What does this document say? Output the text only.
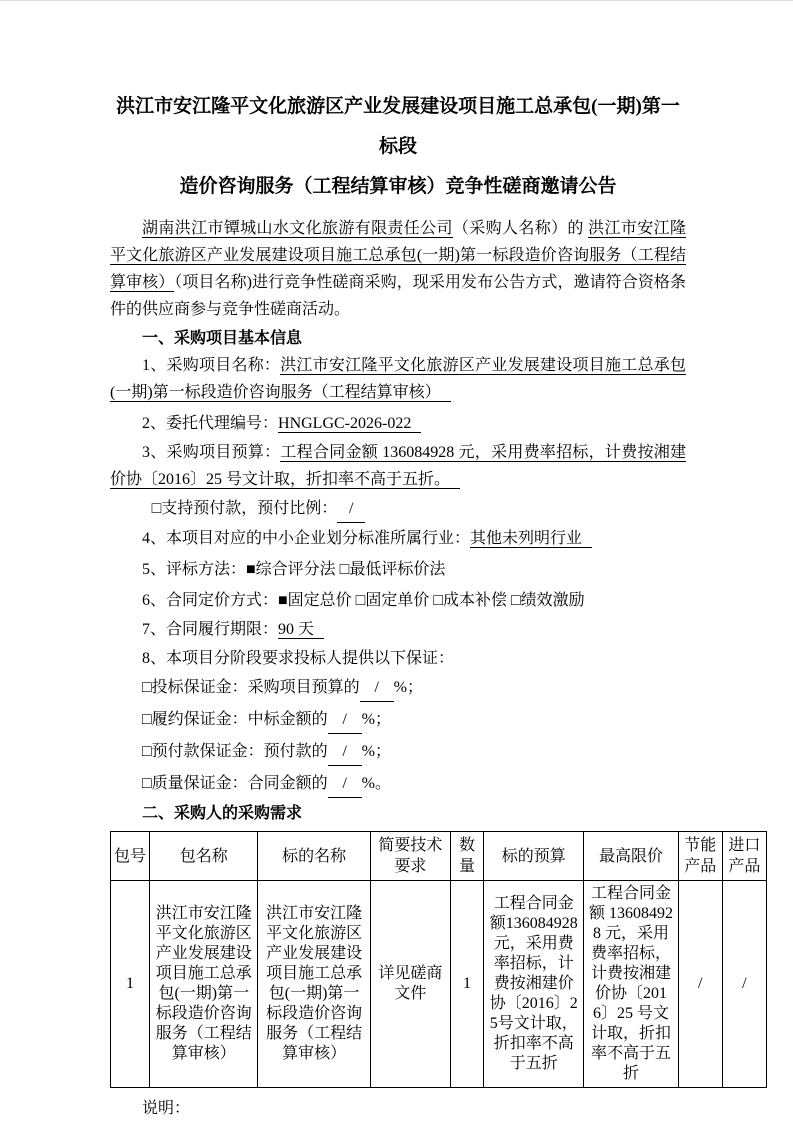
洪江市安江隆平文化旅游区产业发展建设项目施工总承包(一期)第一标段
造价咨询服务（工程结算审核）竞争性磋商邀请公告

湖南洪江市镡城山水文化旅游有限责任公司（采购人名称）的 洪江市安江隆平文化旅游区产业发展建设项目施工总承包(一期)第一标段造价咨询服务（工程结算审核）（项目名称)进行竞争性磋商采购，现采用发布公告方式，邀请符合资格条件的供应商参与竞争性磋商活动。

一、采购项目基本信息

1、采购项目名称：洪江市安江隆平文化旅游区产业发展建设项目施工总承包(一期)第一标段造价咨询服务（工程结算审核）

2、委托代理编号：HNGLGC-2026-022

3、采购项目预算：工程合同金额 136084928 元，采用费率招标，计费按湘建价协〔2016〕25 号文计取，折扣率不高于五折。

□支持预付款，预付比例： /

4、本项目对应的中小企业划分标准所属行业：其他未列明行业

5、评标方法：■综合评分法 □最低评标价法

6、合同定价方式：■固定总价 □固定单价 □成本补偿 □绩效激励

7、合同履行期限：90 天

8、本项目分阶段要求投标人提供以下保证：

□投标保证金：采购项目预算的 / %；

□履约保证金：中标金额的 / %；

□预付款保证金：预付款的 / %；

□质量保证金：合同金额的 / %。

二、采购人的采购需求

包号	包名称	标的名称	简要技术要求	数量	标的预算	最高限价	节能产品	进口产品
1	洪江市安江隆平文化旅游区产业发展建设项目施工总承包(一期)第一标段造价咨询服务（工程结算审核）	洪江市安江隆平文化旅游区产业发展建设项目施工总承包(一期)第一标段造价咨询服务（工程结算审核）	详见磋商文件	1	工程合同金额136084928元，采用费率招标，计费按湘建价协〔2016〕25号文计取，折扣率不高于五折	工程合同金额 136084928 元，采用费率招标，计费按湘建价协〔2016〕25 号文计取，折扣率不高于五折	/	/

说明：
